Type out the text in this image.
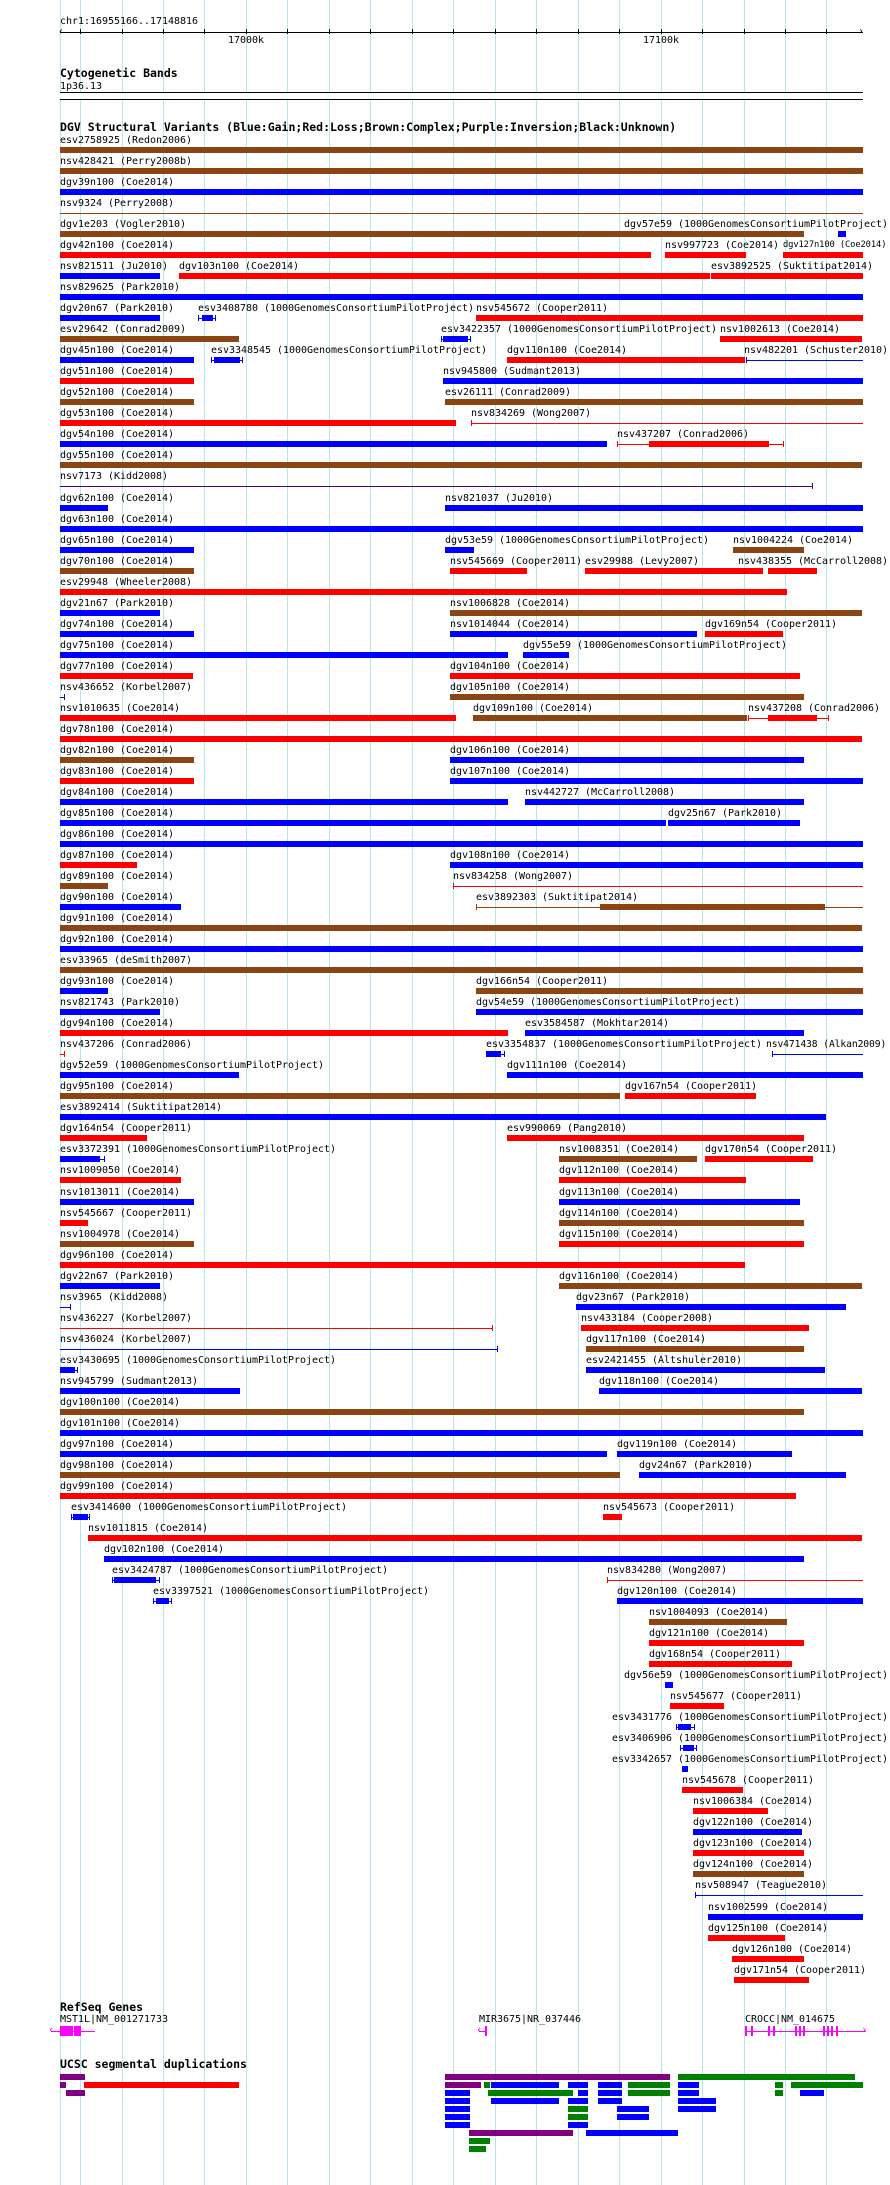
chr1:16955166..17148816
‹	›
17000k	17100k
Cytogenetic Bands
1p36.13
DGV Structural Variants (Blue:Gain;Red:Loss;Brown:Complex;Purple:Inversion;Black:Unknown)
esv2758925 (Redon2006)
nsv428421 (Perry2008b)
dgv39n100 (Coe2014)
nsv9324 (Perry2008)
dgv1e203 (Vogler2010)	dgv57e59 (1000GenomesConsortiumPilotProject)
dgv42n100 (Coe2014)	nsv997723 (Coe2014) dgv127n100 (Coe2014)
nsv821511 (Ju2010) dgv103n100 (Coe2014)	esv3892525 (Suktitipat2014)
nsv829625 (Park2010)
dgv20n67 (Park2010) esv3408780 (1000GenomesConsortiumPilotProject) nsv545672 (Cooper2011)
esv29642 (Conrad2009)	esv3422357 (1000GenomesConsortiumPilotProject) nsv1002613 (Coe2014)
dgv45n100 (Coe2014)	esv3348545 (1000GenomesConsortiumPilotProject) dgv110n100 (Coe2014)	nsv482201 (Schuster2010)
dgv51n100 (Coe2014)	nsv945800 (Sudmant2013)
dgv52n100 (Coe2014)	esv26111 (Conrad2009)
dgv53n100 (Coe2014)	nsv834269 (Wong2007)
dgv54n100 (Coe2014)	nsv437207 (Conrad2006)
dgv55n100 (Coe2014)
nsv7173 (Kidd2008)
dgv62n100 (Coe2014)	nsv821037 (Ju2010)
dgv63n100 (Coe2014)
dgv65n100 (Coe2014)	dgv53e59 (1000GenomesConsortiumPilotProject) nsv1004224 (Coe2014)
dgv70n100 (Coe2014)	nsv545669 (Cooper2011) esv29988 (Levy2007)	nsv438355 (McCarroll2008)
esv29948 (Wheeler2008)
dgv21n67 (Park2010)	nsv1006828 (Coe2014)
dgv74n100 (Coe2014)	nsv1014044 (Coe2014)	dgv169n54 (Cooper2011)
dgv75n100 (Coe2014)	dgv55e59 (1000GenomesConsortiumPilotProject)
dgv77n100 (Coe2014)	dgv104n100 (Coe2014)
nsv436652 (Korbel2007)	dgv105n100 (Coe2014)
nsv1010635 (Coe2014)	dgv109n100 (Coe2014)	nsv437208 (Conrad2006)
dgv78n100 (Coe2014)
dgv82n100 (Coe2014)	dgv106n100 (Coe2014)
dgv83n100 (Coe2014)	dgv107n100 (Coe2014)
dgv84n100 (Coe2014)	nsv442727 (McCarroll2008)
dgv85n100 (Coe2014)	dgv25n67 (Park2010)
dgv86n100 (Coe2014)
dgv87n100 (Coe2014)	dgv108n100 (Coe2014)
dgv89n100 (Coe2014)	nsv834258 (Wong2007)
dgv90n100 (Coe2014)	esv3892303 (Suktitipat2014)
dgv91n100 (Coe2014)
dgv92n100 (Coe2014)
esv33965 (deSmith2007)
dgv93n100 (Coe2014)	dgv166n54 (Cooper2011)
nsv821743 (Park2010)	dgv54e59 (1000GenomesConsortiumPilotProject)
dgv94n100 (Coe2014)	esv3584587 (Mokhtar2014)
nsv437206 (Conrad2006)	esv3354837 (1000GenomesConsortiumPilotProject) nsv471438 (Alkan2009)
dgv52e59 (1000GenomesConsortiumPilotProject)	dgv111n100 (Coe2014)
dgv95n100 (Coe2014)	dgv167n54 (Cooper2011)
esv3892414 (Suktitipat2014)
dgv164n54 (Cooper2011)	esv990069 (Pang2010)
esv3372391 (1000GenomesConsortiumPilotProject)	nsv1008351 (Coe2014)	dgv170n54 (Cooper2011)
nsv1009050 (Coe2014)	dgv112n100 (Coe2014)
nsv1013011 (Coe2014)	dgv113n100 (Coe2014)
nsv545667 (Cooper2011)	dgv114n100 (Coe2014)
nsv1004978 (Coe2014)	dgv115n100 (Coe2014)
dgv96n100 (Coe2014)
dgv22n67 (Park2010)	dgv116n100 (Coe2014)
nsv3965 (Kidd2008)	dgv23n67 (Park2010)
nsv436227 (Korbel2007)	nsv433184 (Cooper2008)
nsv436024 (Korbel2007)	dgv117n100 (Coe2014)
esv3430695 (1000GenomesConsortiumPilotProject)	esv2421455 (Altshuler2010)
nsv945799 (Sudmant2013)	dgv118n100 (Coe2014)
dgv100n100 (Coe2014)
dgv101n100 (Coe2014)
dgv97n100 (Coe2014)	dgv119n100 (Coe2014)
dgv98n100 (Coe2014)	dgv24n67 (Park2010)
dgv99n100 (Coe2014)
esv3414600 (1000GenomesConsortiumPilotProject)	nsv545673 (Cooper2011)
nsv1011815 (Coe2014)
dgv102n100 (Coe2014)
esv3424787 (1000GenomesConsortiumPilotProject)	nsv834280 (Wong2007)
esv3397521 (1000GenomesConsortiumPilotProject)	dgv120n100 (Coe2014)
nsv1004093 (Coe2014)
dgv121n100 (Coe2014)
dgv168n54 (Cooper2011)
dgv56e59 (1000GenomesConsortiumPilotProject)
nsv545677 (Cooper2011)
esv3431776 (1000GenomesConsortiumPilotProject)
esv3406906 (1000GenomesConsortiumPilotProject)
esv3342657 (1000GenomesConsortiumPilotProject)
nsv545678 (Cooper2011)
nsv1006384 (Coe2014)
dgv122n100 (Coe2014)
dgv123n100 (Coe2014)
dgv124n100 (Coe2014)
nsv508947 (Teague2010)
nsv1002599 (Coe2014)
dgv125n100 (Coe2014)
dgv126n100 (Coe2014)
dgv171n54 (Cooper2011)
RefSeq Genes
MST1L|NM_001271733
‹
MIR3675|NR_037446
‹
CROCC|NM_014675
›
UCSC segmental duplications
